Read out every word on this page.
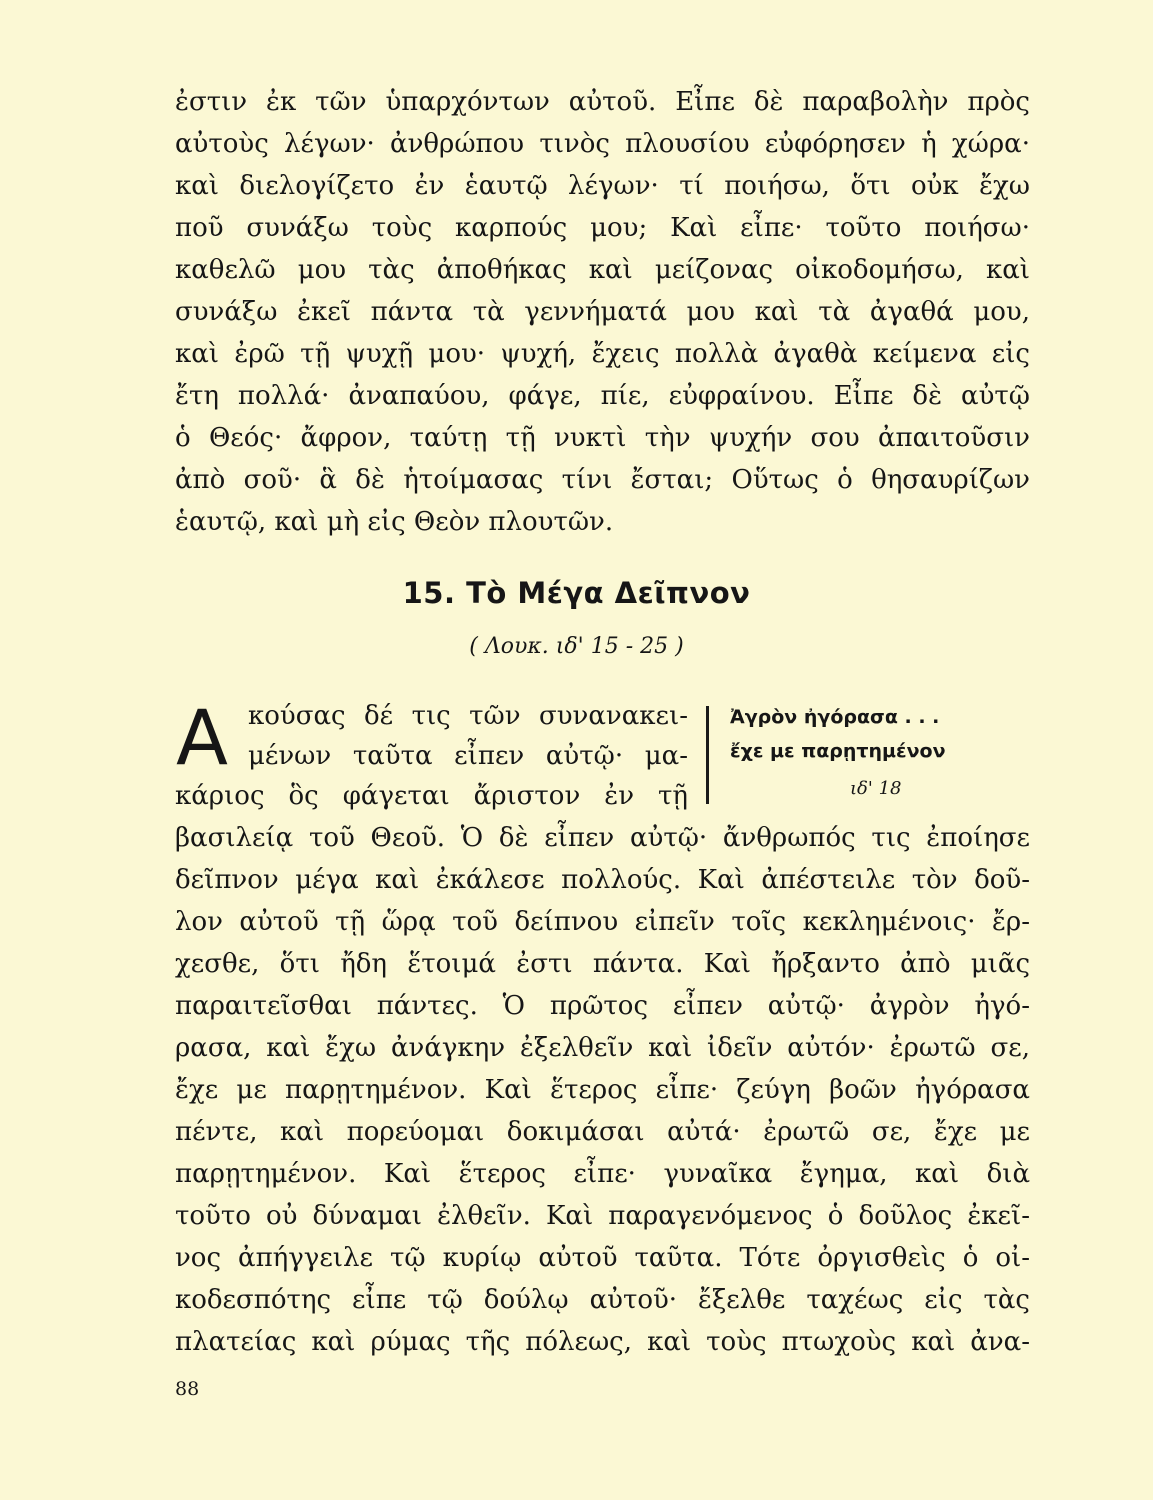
ἐστιν ἐκ τῶν ὑπαρχόντων αὐτοῦ. Εἶπε δὲ παραβολὴν πρὸς
αὐτοὺς λέγων· ἀνθρώπου τινὸς πλουσίου εὐφόρησεν ἡ χώρα·
καὶ διελογίζετο ἐν ἑαυτῷ λέγων· τί ποιήσω, ὅτι οὐκ ἔχω
ποῦ συνάξω τοὺς καρπούς μου; Καὶ εἶπε· τοῦτο ποιήσω·
καθελῶ μου τὰς ἀποθήκας καὶ μείζονας οἰκοδομήσω, καὶ
συνάξω ἐκεῖ πάντα τὰ γεννήματά μου καὶ τὰ ἀγαθά μου,
καὶ ἐρῶ τῇ ψυχῇ μου· ψυχή, ἔχεις πολλὰ ἀγαθὰ κείμενα εἰς
ἔτη πολλά· ἀναπαύου, φάγε, πίε, εὐφραίνου. Εἶπε δὲ αὐτῷ
ὁ Θεός· ἄφρον, ταύτῃ τῇ νυκτὶ τὴν ψυχήν σου ἀπαιτοῦσιν
ἀπὸ σοῦ· ἃ δὲ ἡτοίμασας τίνι ἔσται; Οὕτως ὁ θησαυρίζων
ἑαυτῷ, καὶ μὴ εἰς Θεὸν πλουτῶν.
15. Τὸ Μέγα Δεῖπνον
( Λουκ. ιδ' 15 - 25 )
Α κούσας δέ τις τῶν συνανακει-
μένων ταῦτα εἶπεν αὐτῷ· μα-
κάριος ὃς φάγεται ἄριστον ἐν τῇ
Ἀγρὸν ἠγόρασα . . .
ἔχε με παρῃτημένον
ιδ' 18
βασιλείᾳ τοῦ Θεοῦ. Ὁ δὲ εἶπεν αὐτῷ· ἄνθρωπός τις ἐποίησε
δεῖπνον μέγα καὶ ἐκάλεσε πολλούς. Καὶ ἀπέστειλε τὸν δοῦ-
λον αὐτοῦ τῇ ὥρᾳ τοῦ δείπνου εἰπεῖν τοῖς κεκλημένοις· ἔρ-
χεσθε, ὅτι ἤδη ἕτοιμά ἐστι πάντα. Καὶ ἤρξαντο ἀπὸ μιᾶς
παραιτεῖσθαι πάντες. Ὁ πρῶτος εἶπεν αὐτῷ· ἀγρὸν ἠγό-
ρασα, καὶ ἔχω ἀνάγκην ἐξελθεῖν καὶ ἰδεῖν αὐτόν· ἐρωτῶ σε,
ἔχε με παρῃτημένον. Καὶ ἕτερος εἶπε· ζεύγη βοῶν ἠγόρασα
πέντε, καὶ πορεύομαι δοκιμάσαι αὐτά· ἐρωτῶ σε, ἔχε με
παρῃτημένον. Καὶ ἕτερος εἶπε· γυναῖκα ἔγημα, καὶ διὰ
τοῦτο οὐ δύναμαι ἐλθεῖν. Καὶ παραγενόμενος ὁ δοῦλος ἐκεῖ-
νος ἀπήγγειλε τῷ κυρίῳ αὐτοῦ ταῦτα. Τότε ὀργισθεὶς ὁ οἰ-
κοδεσπότης εἶπε τῷ δούλῳ αὐτοῦ· ἔξελθε ταχέως εἰς τὰς
πλατείας καὶ ρύμας τῆς πόλεως, καὶ τοὺς πτωχοὺς καὶ ἀνα-
88
